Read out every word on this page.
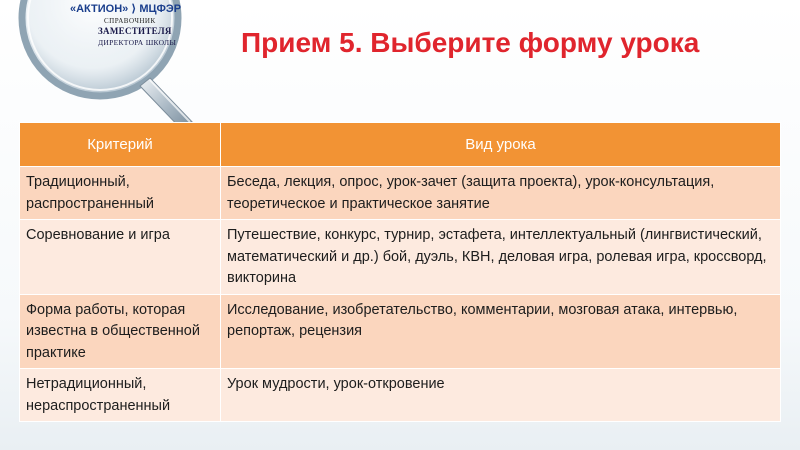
«АКТИОН» ⟩ МЦФЭР
СПРАВОЧНИК
ЗАМЕСТИТЕЛЯ
ДИРЕКТОРА ШКОЛЫ Прием 5. Выберите форму урока
Критерий	Вид урока
Традиционный, распространенный	Беседа, лекция, опрос, урок-зачет (защита проекта), урок-консультация, теоретическое и практическое занятие
Соревнование и игра	Путешествие, конкурс, турнир, эстафета, интеллектуальный (лингвистический, математический и др.) бой, дуэль, КВН, деловая игра, ролевая игра, кроссворд, викторина
Форма работы, которая известна в общественной практике	Исследование, изобретательство, комментарии, мозговая атака, интервью, репортаж, рецензия
Нетрадиционный, нераспространенный	Урок мудрости, урок-откровение
